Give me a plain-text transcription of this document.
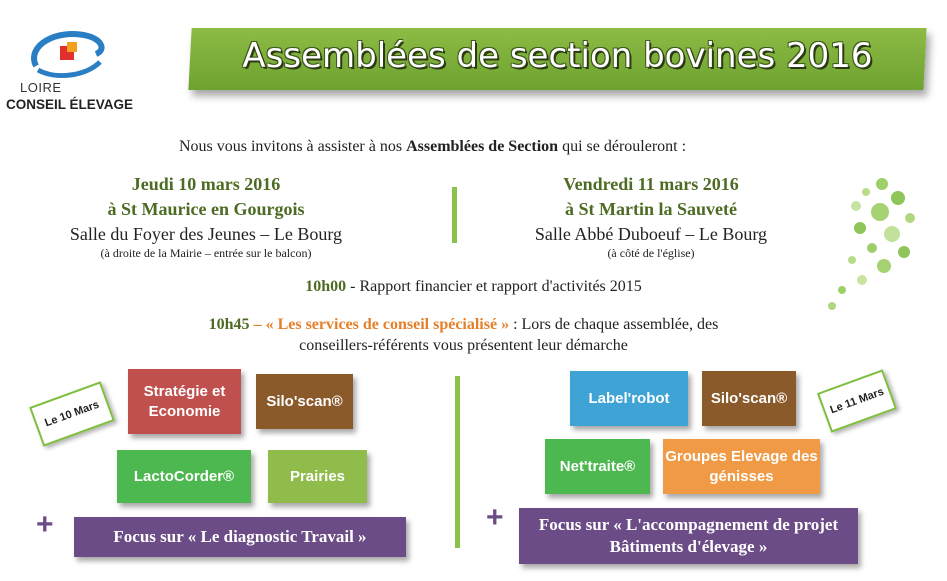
LOIRE
CONSEIL ÉLEVAGE
Assemblées de section bovines 2016
Nous vous invitons à assister à nos Assemblées de Section qui se dérouleront :
Jeudi 10 mars 2016
à St Maurice en Gourgois
Salle du Foyer des Jeunes – Le Bourg
(à droite de la Mairie – entrée sur le balcon)
Vendredi 11 mars 2016
à St Martin la Sauveté
Salle Abbé Duboeuf – Le Bourg
(à côté de l'église)
10h00 - Rapport financier et rapport d'activités 2015
10h45 – « Les services de conseil spécialisé » : Lors de chaque assemblée, des
conseillers-référents vous présentent leur démarche
Le 10 Mars
Stratégie et Economie
Silo'scan®
LactoCorder®	Prairies
+	Focus sur « Le diagnostic Travail »
Le 11 Mars
Label'robot	Silo'scan®
Net'traite®
Groupes Elevage des génisses
+	Focus sur « L'accompagnement de projet Bâtiments d'élevage »
